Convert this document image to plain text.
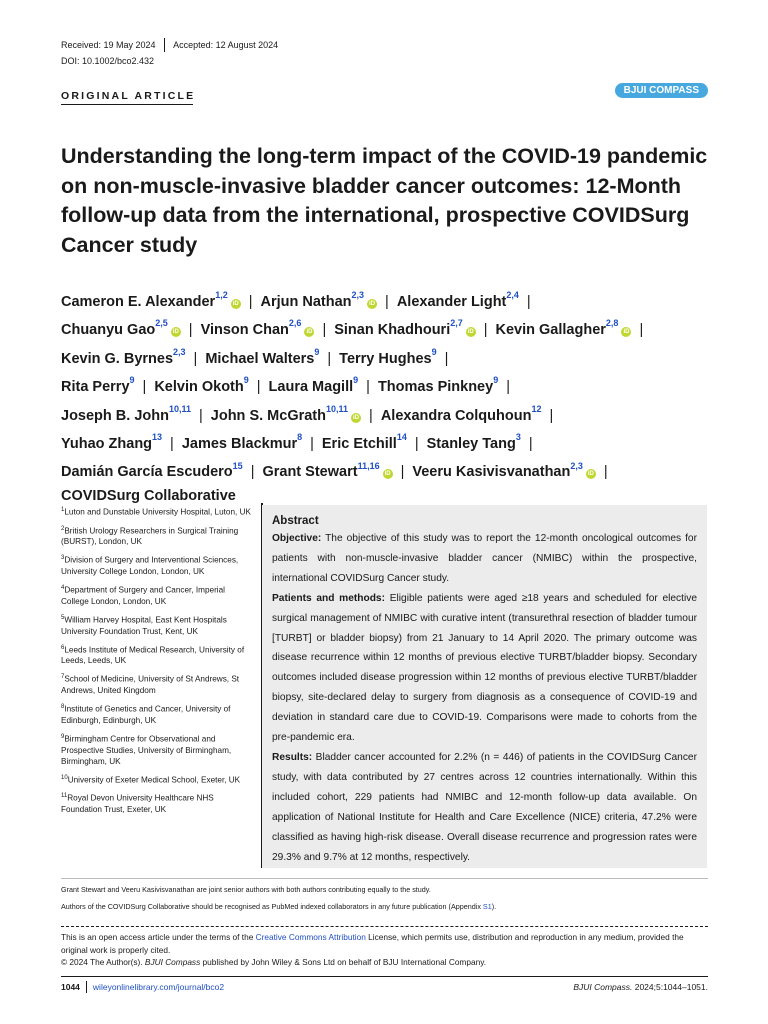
Received: 19 May 2024 Accepted: 12 August 2024
DOI: 10.1002/bco2.432
ORIGINAL ARTICLE	BJUI COMPASS
Understanding the long-term impact of the COVID-19 pandemic on non-muscle-invasive bladder cancer outcomes: 12-Month follow-up data from the international, prospective COVIDSurg Cancer study
Cameron E. Alexander$^{1,2}$iD | Arjun Nathan$^{2,3}$iD | Alexander Light$^{2,4}$ |
Chuanyu Gao$^{2,5}$iD | Vinson Chan$^{2,6}$iD | Sinan Khadhouri$^{2,7}$iD | Kevin Gallagher$^{2,8}$iD |
Kevin G. Byrnes$^{2,3}$ | Michael Walters$^9$ | Terry Hughes$^9$ |
Rita Perry$^9$ | Kelvin Okoth$^9$ | Laura Magill$^9$ | Thomas Pinkney$^9$ |
Joseph B. John$^{10,11}$ | John S. McGrath$^{10,11}$iD | Alexandra Colquhoun$^{12}$ |
Yuhao Zhang$^{13}$ | James Blackmur$^8$ | Eric Etchill$^{14}$ | Stanley Tang$^3$ |
Damián García Escudero$^{15}$ | Grant Stewart$^{11,16}$iD | Veeru Kasivisvanathan$^{2,3}$iD |
COVIDSurg Collaborative
$^1$Luton and Dunstable University Hospital, Luton, UK
$^2$British Urology Researchers in Surgical Training (BURST), London, UK
$^3$Division of Surgery and Interventional Sciences, University College London, London, UK
$^4$Department of Surgery and Cancer, Imperial College London, London, UK
$^5$William Harvey Hospital, East Kent Hospitals University Foundation Trust, Kent, UK
$^6$Leeds Institute of Medical Research, University of Leeds, Leeds, UK
$^7$School of Medicine, University of St Andrews, St Andrews, United Kingdom
$^8$Institute of Genetics and Cancer, University of Edinburgh, Edinburgh, UK
$^9$Birmingham Centre for Observational and Prospective Studies, University of Birmingham, Birmingham, UK
$^{10}$University of Exeter Medical School, Exeter, UK
$^{11}$Royal Devon University Healthcare NHS Foundation Trust, Exeter, UK
Abstract

Objective: The objective of this study was to report the 12-month oncological outcomes for patients with non-muscle-invasive bladder cancer (NMIBC) within the prospective, international COVIDSurg Cancer study.

Patients and methods: Eligible patients were aged ≥18 years and scheduled for elective surgical management of NMIBC with curative intent (transurethral resection of bladder tumour [TURBT] or bladder biopsy) from 21 January to 14 April 2020. The primary outcome was disease recurrence within 12 months of previous elective TURBT/bladder biopsy. Secondary outcomes included disease progression within 12 months of previous elective TURBT/bladder biopsy, site-declared delay to surgery from diagnosis as a consequence of COVID-19 and deviation in standard care due to COVID-19. Comparisons were made to cohorts from the pre-pandemic era.

Results: Bladder cancer accounted for 2.2% (n = 446) of patients in the COVIDSurg Cancer study, with data contributed by 27 centres across 12 countries internationally. Within this included cohort, 229 patients had NMIBC and 12-month follow-up data available. On application of National Institute for Health and Care Excellence (NICE) criteria, 47.2% were classified as having high-risk disease. Overall disease recurrence and progression rates were 29.3% and 9.7% at 12 months, respectively.

Grant Stewart and Veeru Kasivisvanathan are joint senior authors with both authors contributing equally to the study.

Authors of the COVIDSurg Collaborative should be recognised as PubMed indexed collaborators in any future publication (Appendix S1).

This is an open access article under the terms of the Creative Commons Attribution License, which permits use, distribution and reproduction in any medium, provided the original work is properly cited.
© 2024 The Author(s). BJUI Compass published by John Wiley & Sons Ltd on behalf of BJU International Company.
1044 wileyonlinelibrary.com/journal/bco2	BJUI Compass. 2024;5:1044–1051.
